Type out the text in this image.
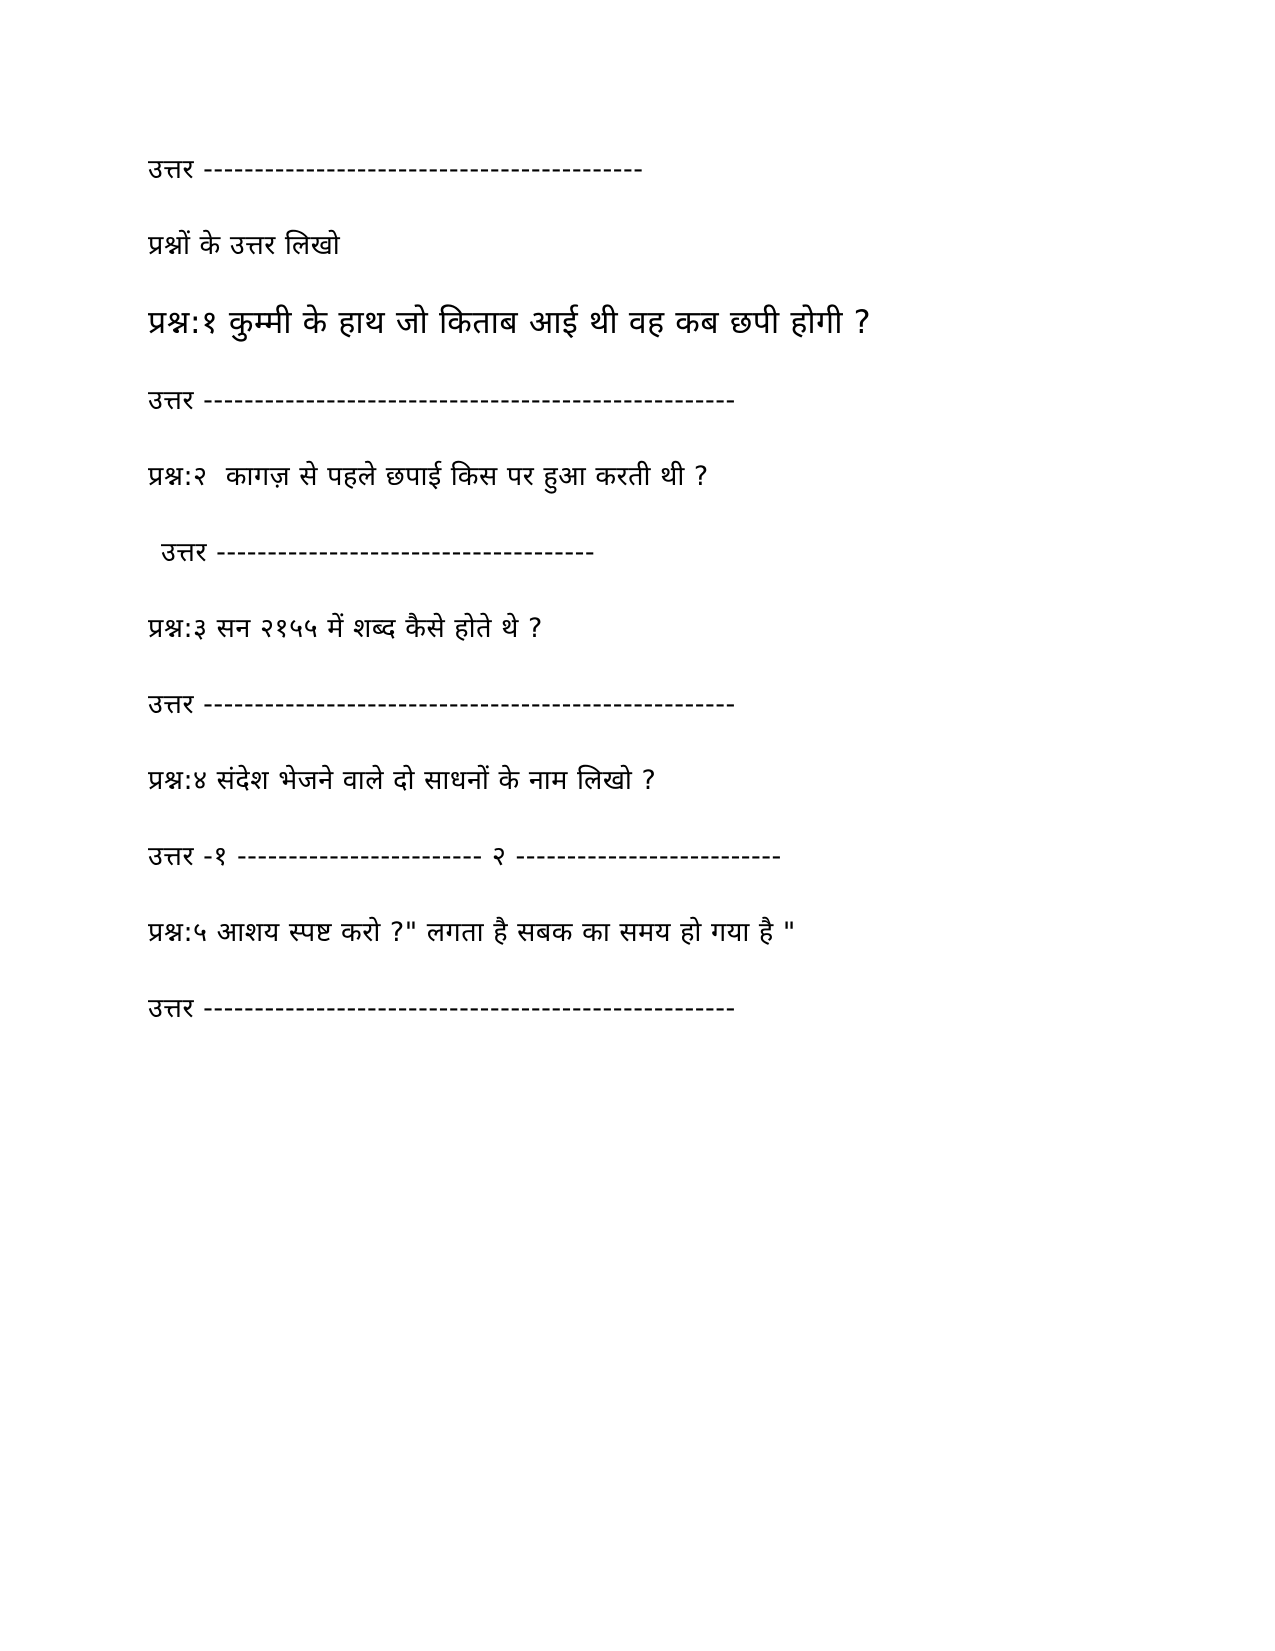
उत्तर -------------------------------------------
प्रश्नों के उत्तर लिखो
प्रश्न:१ कुम्मी के हाथ जो किताब आई थी वह कब छपी होगी ?
उत्तर ----------------------------------------------------
प्रश्न:२  कागज़ से पहले छपाई किस पर हुआ करती थी ?
उत्तर -------------------------------------
प्रश्न:३ सन २१५५ में शब्द कैसे होते थे ?
उत्तर ----------------------------------------------------
प्रश्न:४ संदेश भेजने वाले दो साधनों के नाम लिखो ?
उत्तर -१ ------------------------ २ --------------------------
प्रश्न:५ आशय स्पष्ट करो ?" लगता है सबक का समय हो गया है "
उत्तर ----------------------------------------------------
